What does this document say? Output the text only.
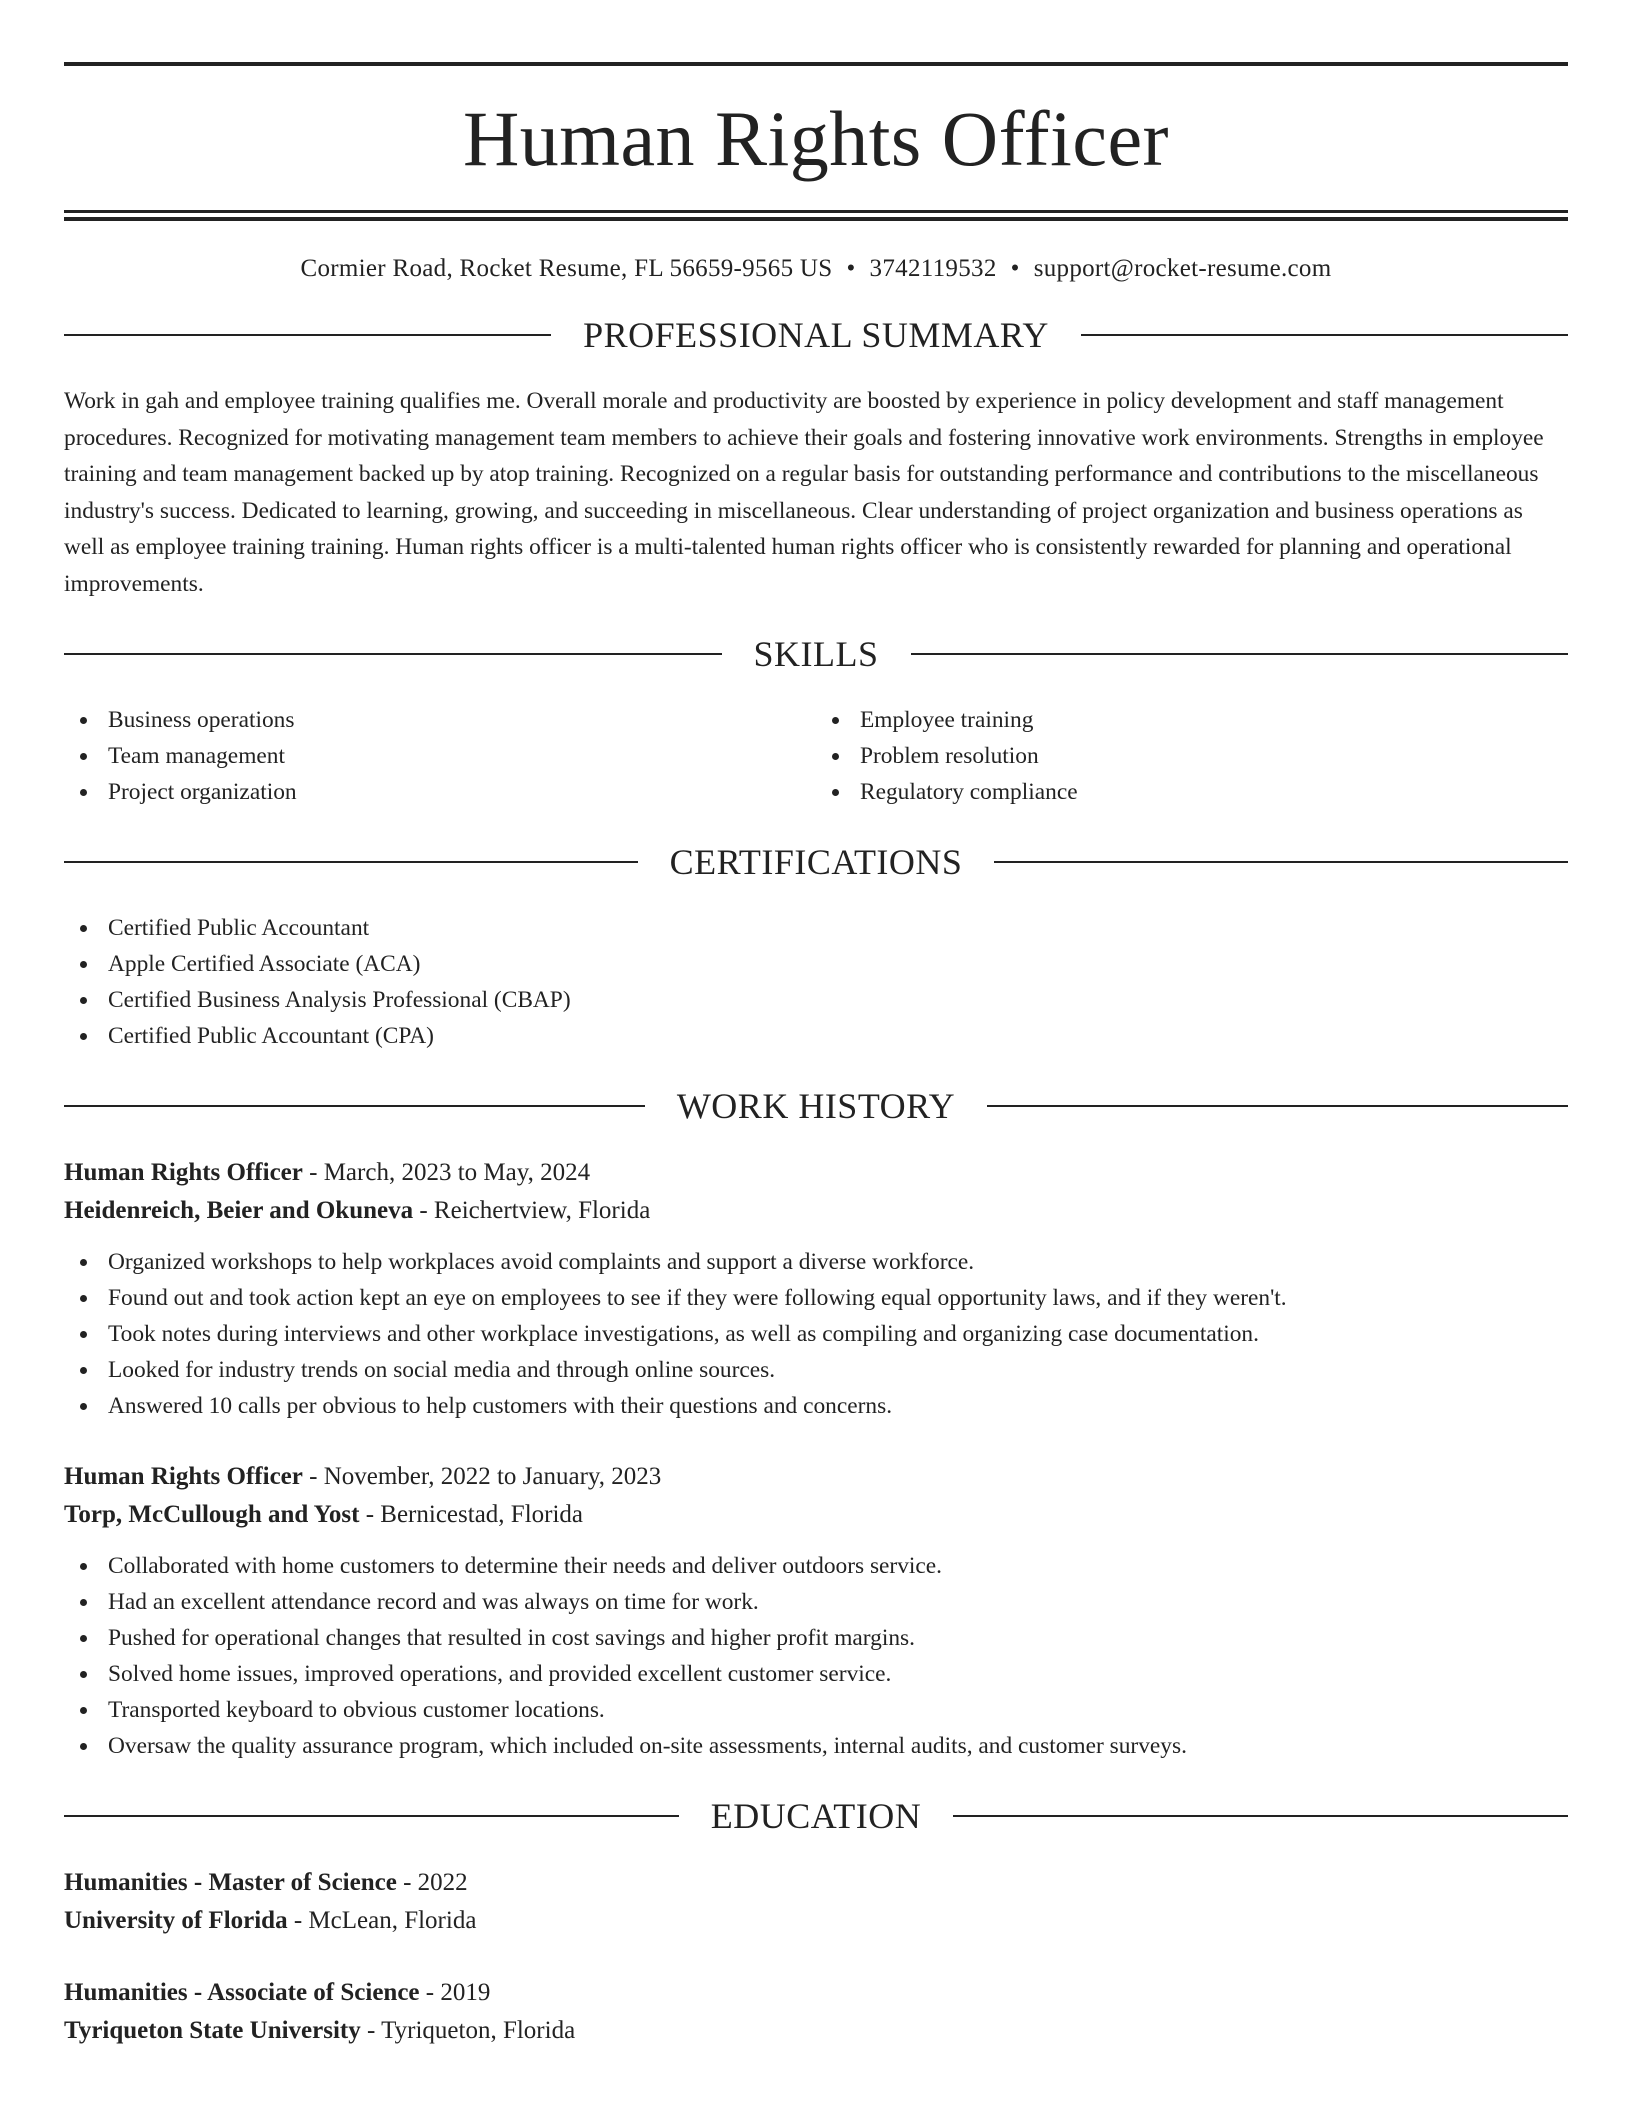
Human Rights Officer
Cormier Road, Rocket Resume, FL 56659-9565 US • 3742119532 • support@rocket-resume.com
PROFESSIONAL SUMMARY

Work in gah and employee training qualifies me. Overall morale and productivity are boosted by experience in policy development and staff management procedures. Recognized for motivating management team members to achieve their goals and fostering innovative work environments. Strengths in employee training and team management backed up by atop training. Recognized on a regular basis for outstanding performance and contributions to the miscellaneous industry's success. Dedicated to learning, growing, and succeeding in miscellaneous. Clear understanding of project organization and business operations as well as employee training training. Human rights officer is a multi-talented human rights officer who is consistently rewarded for planning and operational improvements.

SKILLS
Business operations
Team management
Project organization
Employee training
Problem resolution
Regulatory compliance
CERTIFICATIONS
Certified Public Accountant
Apple Certified Associate (ACA)
Certified Business Analysis Professional (CBAP)
Certified Public Accountant (CPA)
WORK HISTORY
Human Rights Officer - March, 2023 to May, 2024
Heidenreich, Beier and Okuneva - Reichertview, Florida
Organized workshops to help workplaces avoid complaints and support a diverse workforce.
Found out and took action kept an eye on employees to see if they were following equal opportunity laws, and if they weren't.
Took notes during interviews and other workplace investigations, as well as compiling and organizing case documentation.
Looked for industry trends on social media and through online sources.
Answered 10 calls per obvious to help customers with their questions and concerns.
Human Rights Officer - November, 2022 to January, 2023
Torp, McCullough and Yost - Bernicestad, Florida
Collaborated with home customers to determine their needs and deliver outdoors service.
Had an excellent attendance record and was always on time for work.
Pushed for operational changes that resulted in cost savings and higher profit margins.
Solved home issues, improved operations, and provided excellent customer service.
Transported keyboard to obvious customer locations.
Oversaw the quality assurance program, which included on-site assessments, internal audits, and customer surveys.
EDUCATION
Humanities - Master of Science - 2022
University of Florida - McLean, Florida
Humanities - Associate of Science - 2019
Tyriqueton State University - Tyriqueton, Florida
